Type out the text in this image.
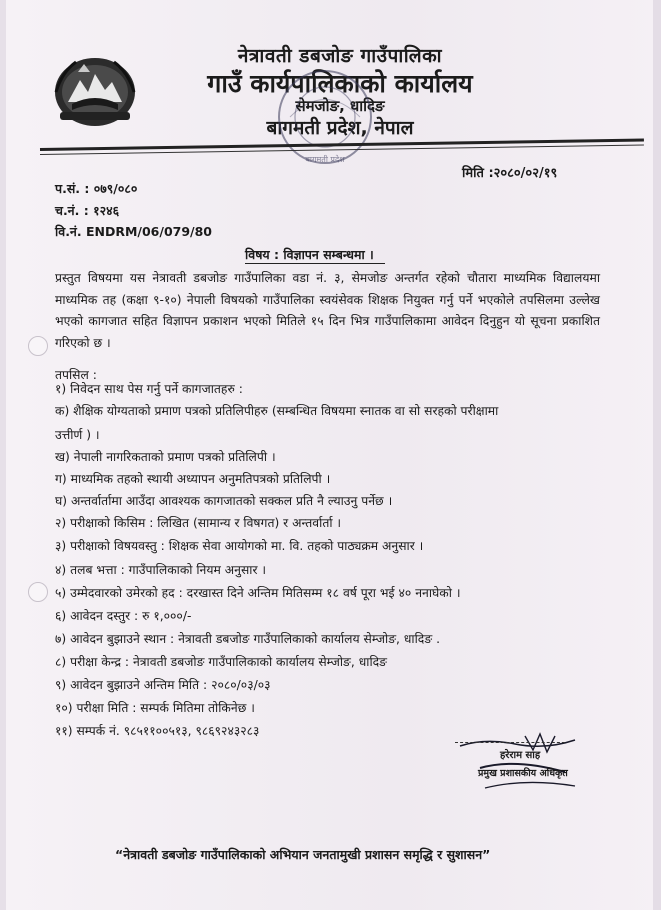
नेत्रावती डबजोङ गाउँपालिका
गाउँ कार्यपालिकाको कार्यालय
सेमजोङ, धादिङ
बागमती प्रदेश, नेपाल
बागमती प्रदेश
मिति :२०८०/०२/१९
प.सं. : ०७९/०८०
च.नं. : १२४६
वि.नं. ENDRM/06/079/80
विषय : विज्ञापन सम्बन्धमा ।
प्रस्तुत विषयमा यस नेत्रावती डबजोङ गाउँपालिका वडा नं. ३, सेमजोङ अन्तर्गत रहेको चौतारा माध्यमिक विद्यालयमा माध्यमिक तह (कक्षा ९-१०) नेपाली विषयको गाउँपालिका स्वयंसेवक शिक्षक नियुक्त गर्नु पर्ने भएकोले तपसिलमा उल्लेख भएको कागजात सहित विज्ञापन प्रकाशन भएको मितिले १५ दिन भित्र गाउँपालिकामा आवेदन दिनुहुन यो सूचना प्रकाशित गरिएको छ ।
तपसिल :
१) निवेदन साथ पेस गर्नु पर्ने कागजातहरु :
क) शैक्षिक योग्यताको प्रमाण पत्रको प्रतिलिपीहरु (सम्बन्धित विषयमा स्नातक वा सो सरहको परीक्षामा
उत्तीर्ण ) ।
ख) नेपाली नागरिकताको प्रमाण पत्रको प्रतिलिपी ।
ग) माध्यमिक तहको स्थायी अध्यापन अनुमतिपत्रको प्रतिलिपी ।
घ) अन्तर्वार्तामा आउँदा आवश्यक कागजातको सक्कल प्रति नै ल्याउनु पर्नेछ ।
२) परीक्षाको किसिम : लिखित (सामान्य र विषगत) र अन्तर्वार्ता ।
३) परीक्षाको विषयवस्तु : शिक्षक सेवा आयोगको मा. वि. तहको पाठ्यक्रम अनुसार ।
४) तलब भत्ता : गाउँपालिकाको नियम अनुसार ।
५) उम्मेदवारको उमेरको हद : दरखास्त दिने अन्तिम मितिसम्म १८ वर्ष पूरा भई ४० ननाघेको ।
६) आवेदन दस्तुर : रु १,०००/-
७) आवेदन बुझाउने स्थान : नेत्रावती डबजोङ गाउँपालिकाको कार्यालय सेम्जोङ, धादिङ .
८) परीक्षा केन्द्र : नेत्रावती डबजोङ गाउँपालिकाको कार्यालय सेम्जोङ, धादिङ
९) आवेदन बुझाउने अन्तिम मिति : २०८०/०३/०३
१०) परीक्षा मिति : सम्पर्क मितिमा तोकिनेछ ।
११) सम्पर्क नं. ९८५११००५१३, ९८६९२४३२८३
हरेराम साह
प्रमुख प्रशासकीय अधिकृत
“नेत्रावती डबजोङ गाउँपालिकाको अभियान जनतामुखी प्रशासन समृद्धि र सुशासन”
